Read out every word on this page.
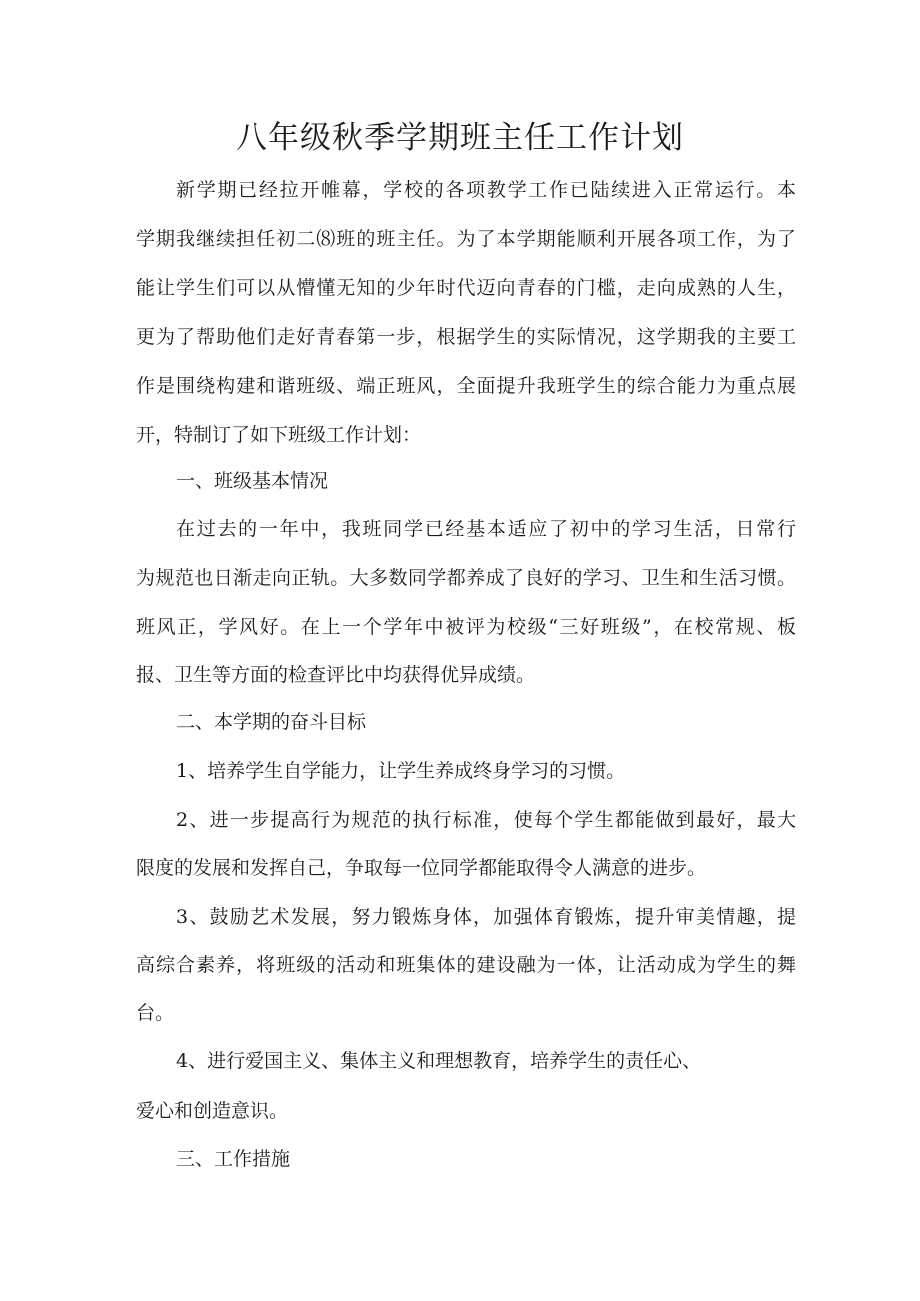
八年级秋季学期班主任工作计划

新学期已经拉开帷幕，学校的各项教学工作已陆续进入正常运行。本

学期我继续担任初二⑻班的班主任。为了本学期能顺利开展各项工作，为了

能让学生们可以从懵懂无知的少年时代迈向青春的门槛，走向成熟的人生，

更为了帮助他们走好青春第一步，根据学生的实际情况，这学期我的主要工

作是围绕构建和谐班级、端正班风，全面提升我班学生的综合能力为重点展

开，特制订了如下班级工作计划：

一、班级基本情况

在过去的一年中，我班同学已经基本适应了初中的学习生活，日常行

为规范也日渐走向正轨。大多数同学都养成了良好的学习、卫生和生活习惯。

班风正，学风好。在上一个学年中被评为校级“三好班级”，在校常规、板

报、卫生等方面的检查评比中均获得优异成绩。

二、本学期的奋斗目标

1、培养学生自学能力，让学生养成终身学习的习惯。

2、进一步提高行为规范的执行标准，使每个学生都能做到最好，最大

限度的发展和发挥自己，争取每一位同学都能取得令人满意的进步。

3、鼓励艺术发展，努力锻炼身体，加强体育锻炼，提升审美情趣，提

高综合素养，将班级的活动和班集体的建设融为一体，让活动成为学生的舞

台。

4、进行爱国主义、集体主义和理想教育，培养学生的责任心、

爱心和创造意识。

三、工作措施
